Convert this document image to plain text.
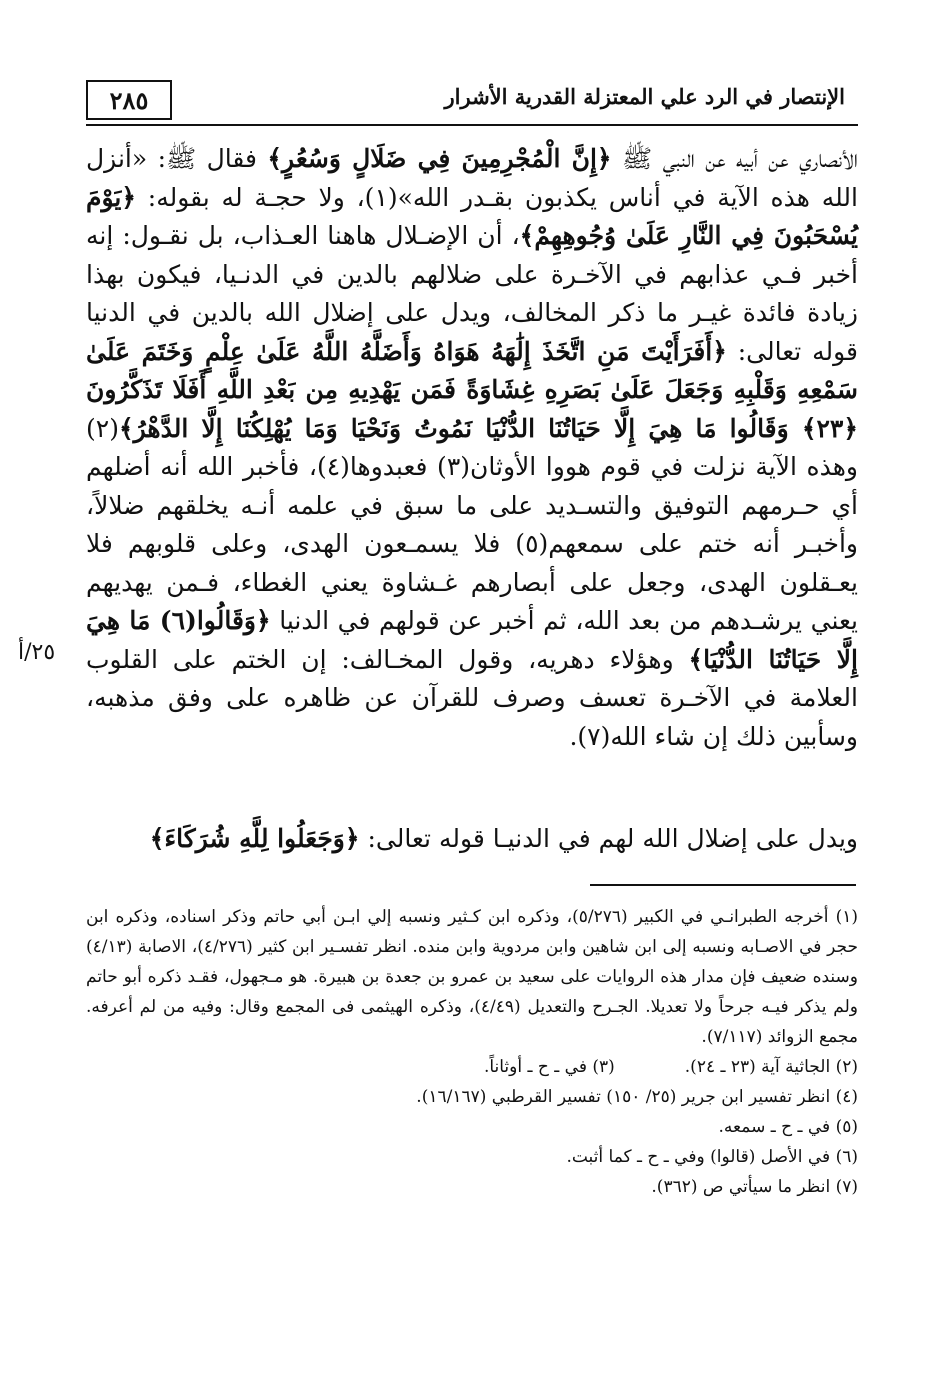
٢٨٥	الإنتصار في الرد علي المعتزلة القدرية الأشرار
الأنصاري عن أبيه عن النبي ﷺ ﴿إِنَّ الْمُجْرِمِينَ فِي ضَلَالٍ وَسُعُرٍ﴾ فقال ﷺ: «أنزل الله هذه الآية في أناس يكذبون بقـدر الله»(١)، ولا حجـة له بقوله: ﴿يَوْمَ يُسْحَبُونَ فِي النَّارِ عَلَىٰ وُجُوهِهِمْ﴾، أن الإضـلال هاهنا العـذاب، بل نقـول: إنه أخبر فـي عذابهم في الآخـرة على ضلالهم بالدين في الدنـيا، فيكون بهذا زيادة فائدة غيـر ما ذكر المخالف، ويدل على إضلال الله بالدين في الدنيا قوله تعالى: ﴿أَفَرَأَيْتَ مَنِ اتَّخَذَ إِلَٰهَهُ هَوَاهُ وَأَضَلَّهُ اللَّهُ عَلَىٰ عِلْمٍ وَخَتَمَ عَلَىٰ سَمْعِهِ وَقَلْبِهِ وَجَعَلَ عَلَىٰ بَصَرِهِ غِشَاوَةً فَمَن يَهْدِيهِ مِن بَعْدِ اللَّهِ أَفَلَا تَذَكَّرُونَ ﴿٢٣﴾ وَقَالُوا مَا هِيَ إِلَّا حَيَاتُنَا الدُّنْيَا نَمُوتُ وَنَحْيَا وَمَا يُهْلِكُنَا إِلَّا الدَّهْرُ﴾(٢) وهذه الآية نزلت في قوم هووا الأوثان(٣) فعبدوها(٤)، فأخبر الله أنه أضلهم أي حـرمهم التوفيق والتسـديد على ما سبق في علمه أنـه يخلقهم ضلالاً، وأخبـر أنه ختم على سمعهم(٥) فلا يسمـعون الهدى، وعلى قلوبهم فلا يعـقلون الهدى، وجعل على أبصارهم غـشاوة يعني الغطاء، فـمن يهديهم يعني يرشـدهم من بعد الله، ثم أخبر عن قولهم في الدنيا ﴿وَقَالُوا(٦) مَا هِيَ إِلَّا حَيَاتُنَا الدُّنْيَا﴾ وهؤلاء دهريه، وقول المخـالف: إن الختم على القلوب العلامة في الآخـرة تعسف وصرف للقرآن عن ظاهره على وفق مذهبه، وسأبين ذلك إن شاء الله(٧).
٢٥/أ
ويدل على إضلال الله لهم في الدنيـا قوله تعالى: ﴿وَجَعَلُوا لِلَّهِ شُرَكَاءَ﴾
(١) أخرجه الطبرانـي في الكبير (٥/٢٧٦)، وذكره ابن كـثير ونسبه إلي ابـن أبي حاتم وذكر اسناده، وذكره ابن حجر في الاصـابه ونسبه إلى ابن شاهين وابن مردوية وابن منده. انظر تفسـير ابن كثير (٤/٢٧٦)، الاصابة (٤/١٣) وسنده ضعيف فإن مدار هذه الروايات على سعيد بن عمرو بن جعدة بن هبيرة. هو مـجهول، فقـد ذكره أبو حاتم ولم يذكر فيـه جرحاً ولا تعديلا. الجـرح والتعديل (٤/٤٩)، وذكره الهيثمى فى المجمع وقال: وفيه من لم أعرفه. مجمع الزوائد (٧/١١٧).
(٢) الجاثية آية (٢٣ ـ ٢٤).(٣) في ـ ح ـ أوثاناً.
(٤) انظر تفسير ابن جرير (٢٥/ ١٥٠) تفسير القرطبي (١٦/١٦٧).
(٥) في ـ ح ـ سمعه.
(٦) في الأصل (قالوا) وفي ـ ح ـ كما أثبت.
(٧) انظر ما سيأتي ص (٣٦٢).
